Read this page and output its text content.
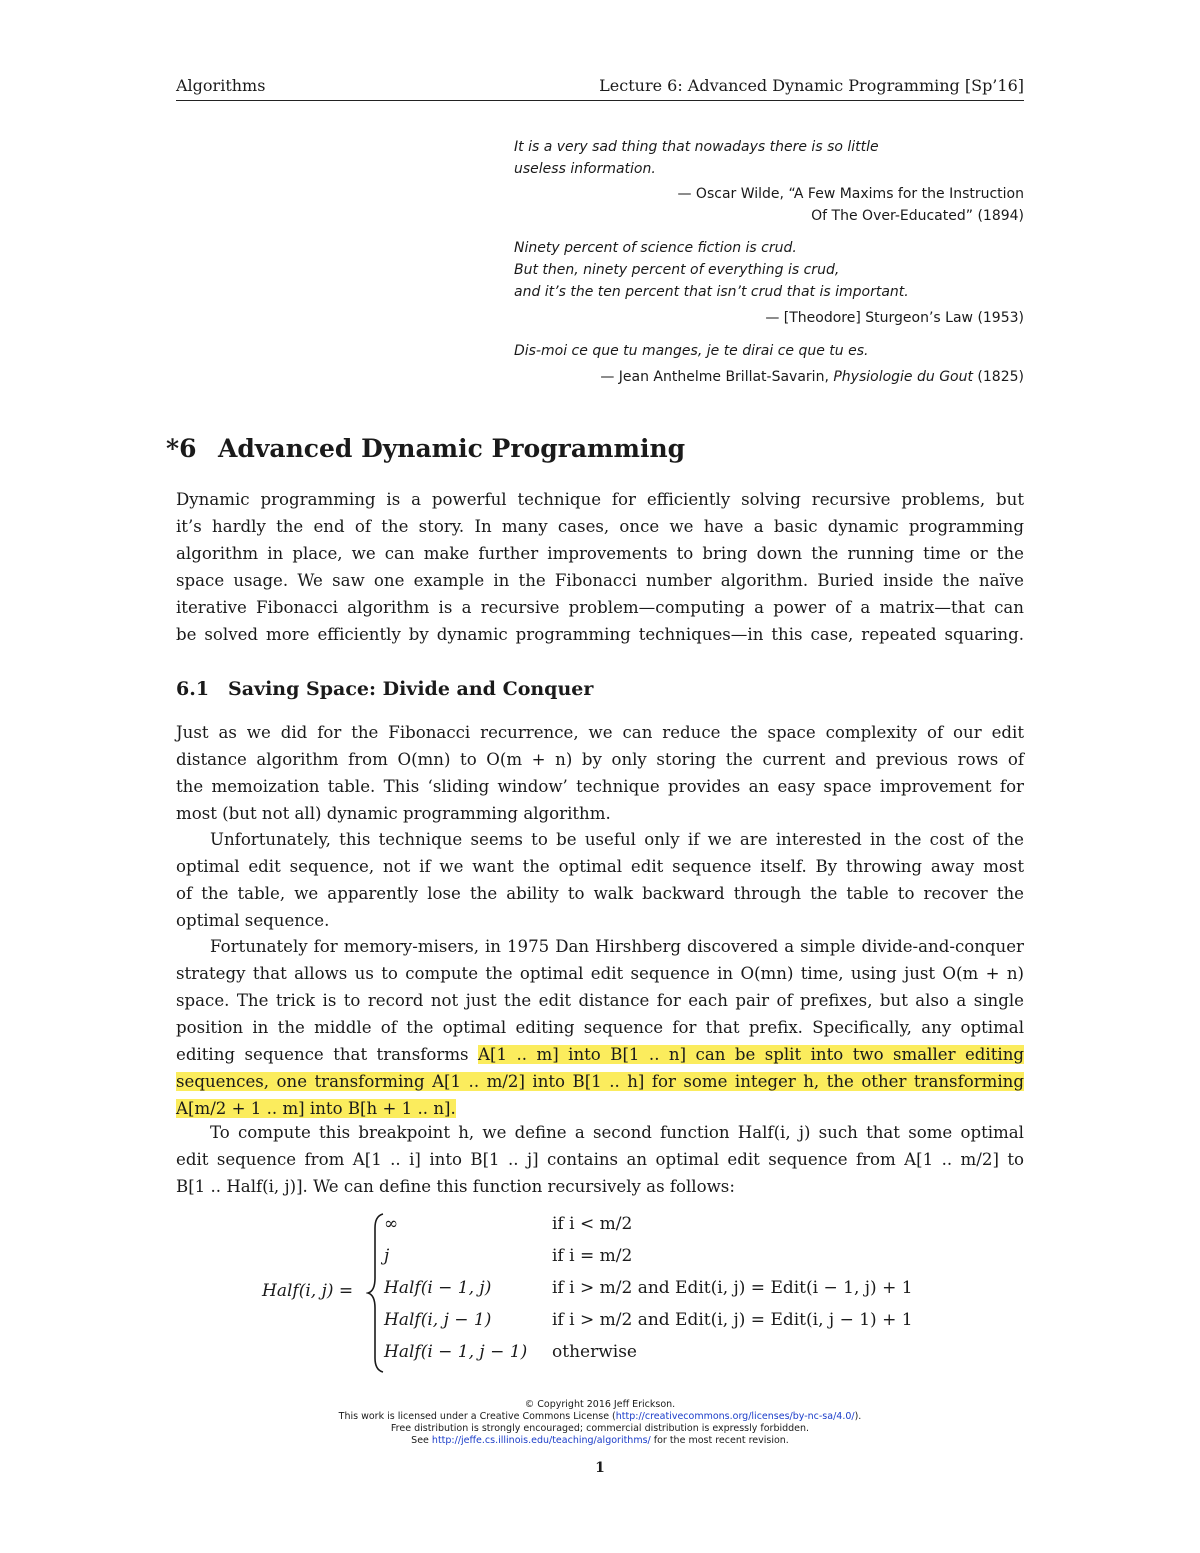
Algorithms	Lecture 6: Advanced Dynamic Programming [Sp’16]
It is a very sad thing that nowadays there is so little
useless information.
— Oscar Wilde, “A Few Maxims for the Instruction
Of The Over-Educated” (1894)
Ninety percent of science fiction is crud.
But then, ninety percent of everything is crud,
and it’s the ten percent that isn’t crud that is important.
— [Theodore] Sturgeon’s Law (1953)
Dis-moi ce que tu manges, je te dirai ce que tu es.
— Jean Anthelme Brillat-Savarin, Physiologie du Gout (1825)
*6 Advanced Dynamic Programming
Dynamic programming is a powerful technique for efficiently solving recursive problems, but
it’s hardly the end of the story. In many cases, once we have a basic dynamic programming
algorithm in place, we can make further improvements to bring down the running time or the
space usage. We saw one example in the Fibonacci number algorithm. Buried inside the naïve
iterative Fibonacci algorithm is a recursive problem—computing a power of a matrix—that can
be solved more efficiently by dynamic programming techniques—in this case, repeated squaring.
6.1 Saving Space: Divide and Conquer
Just as we did for the Fibonacci recurrence, we can reduce the space complexity of our edit
distance algorithm from O(mn) to O(m + n) by only storing the current and previous rows of
the memoization table. This ‘sliding window’ technique provides an easy space improvement for
most (but not all) dynamic programming algorithm.
Unfortunately, this technique seems to be useful only if we are interested in the cost of the
optimal edit sequence, not if we want the optimal edit sequence itself. By throwing away most
of the table, we apparently lose the ability to walk backward through the table to recover the
optimal sequence.
Fortunately for memory-misers, in 1975 Dan Hirshberg discovered a simple divide-and-conquer
strategy that allows us to compute the optimal edit sequence in O(mn) time, using just O(m + n)
space. The trick is to record not just the edit distance for each pair of prefixes, but also a single
position in the middle of the optimal editing sequence for that prefix. Specifically, any optimal
editing sequence that transforms A[1 .. m] into B[1 .. n] can be split into two smaller editing
sequences, one transforming A[1 .. m/2] into B[1 .. h] for some integer h, the other transforming
A[m/2 + 1 .. m] into B[h + 1 .. n].
To compute this breakpoint h, we define a second function Half(i, j) such that some optimal
edit sequence from A[1 .. i] into B[1 .. j] contains an optimal edit sequence from A[1 .. m/2] to
B[1 .. Half(i, j)]. We can define this function recursively as follows:
Half(i, j) =
∞	if i < m/2
j	if i = m/2
Half(i − 1, j)	if i > m/2 and Edit(i, j) = Edit(i − 1, j) + 1
Half(i, j − 1)	if i > m/2 and Edit(i, j) = Edit(i, j − 1) + 1
Half(i − 1, j − 1) otherwise
© Copyright 2016 Jeff Erickson.
This work is licensed under a Creative Commons License (http://creativecommons.org/licenses/by-nc-sa/4.0/).
Free distribution is strongly encouraged; commercial distribution is expressly forbidden.
See http://jeffe.cs.illinois.edu/teaching/algorithms/ for the most recent revision.
1
